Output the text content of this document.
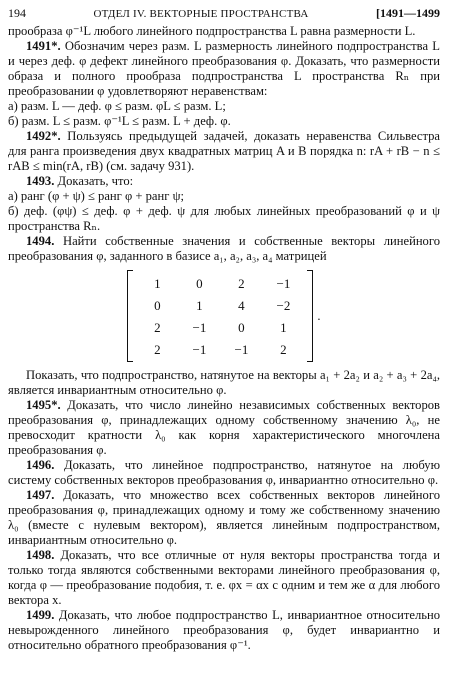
194	ОТДЕЛ IV. ВЕКТОРНЫЕ ПРОСТРАНСТВА	[1491—1499

прообраза φ⁻¹L любого линейного подпространства L равна размерности L.

1491*. Обозначим через разм. L размерность линейного подпространства L и через деф. φ дефект линейного преобразования φ. Доказать, что размерности образа и полного прообраза подпространства L пространства Rₙ при преобразовании φ удовлетворяют неравенствам:

а) разм. L — деф. φ ≤ разм. φL ≤ разм. L;

б) разм. L ≤ разм. φ⁻¹L ≤ разм. L + деф. φ.

1492*. Пользуясь предыдущей задачей, доказать неравенства Сильвестра для ранга произведения двух квадратных матриц A и B порядка n: rA + rB − n ≤ rAB ≤ min(rA, rB) (см. задачу 931).

1493. Доказать, что:

а) ранг (φ + ψ) ≤ ранг φ + ранг ψ;

б) деф. (φψ) ≤ деф. φ + деф. ψ для любых линейных преобразований φ и ψ пространства Rₙ.

1494. Найти собственные значения и собственные векторы линейного преобразования φ, заданного в базисе a₁, a₂, a₃, a₄ матрицей

1	0	2	−1
0	1	4	−2
2	−1	0	1
2	−1	−1	2
.

Показать, что подпространство, натянутое на векторы a₁ + 2a₂ и a₂ + a₃ + 2a₄, является инвариантным относительно φ.

1495*. Доказать, что число линейно независимых собственных векторов преобразования φ, принадлежащих одному собственному значению λ₀, не превосходит кратности λ₀ как корня характеристического многочлена преобразования φ.

1496. Доказать, что линейное подпространство, натянутое на любую систему собственных векторов преобразования φ, инвариантно относительно φ.

1497. Доказать, что множество всех собственных векторов линейного преобразования φ, принадлежащих одному и тому же собственному значению λ₀ (вместе с нулевым вектором), является линейным подпространством, инвариантным относительно φ.

1498. Доказать, что все отличные от нуля векторы пространства тогда и только тогда являются собственными векторами линейного преобразования φ, когда φ — преобразование подобия, т. е. φx = αx с одним и тем же α для любого вектора x.

1499. Доказать, что любое подпространство L, инвариантное относительно невырожденного линейного преобразования φ, будет инвариантно и относительно обратного преобразования φ⁻¹.
